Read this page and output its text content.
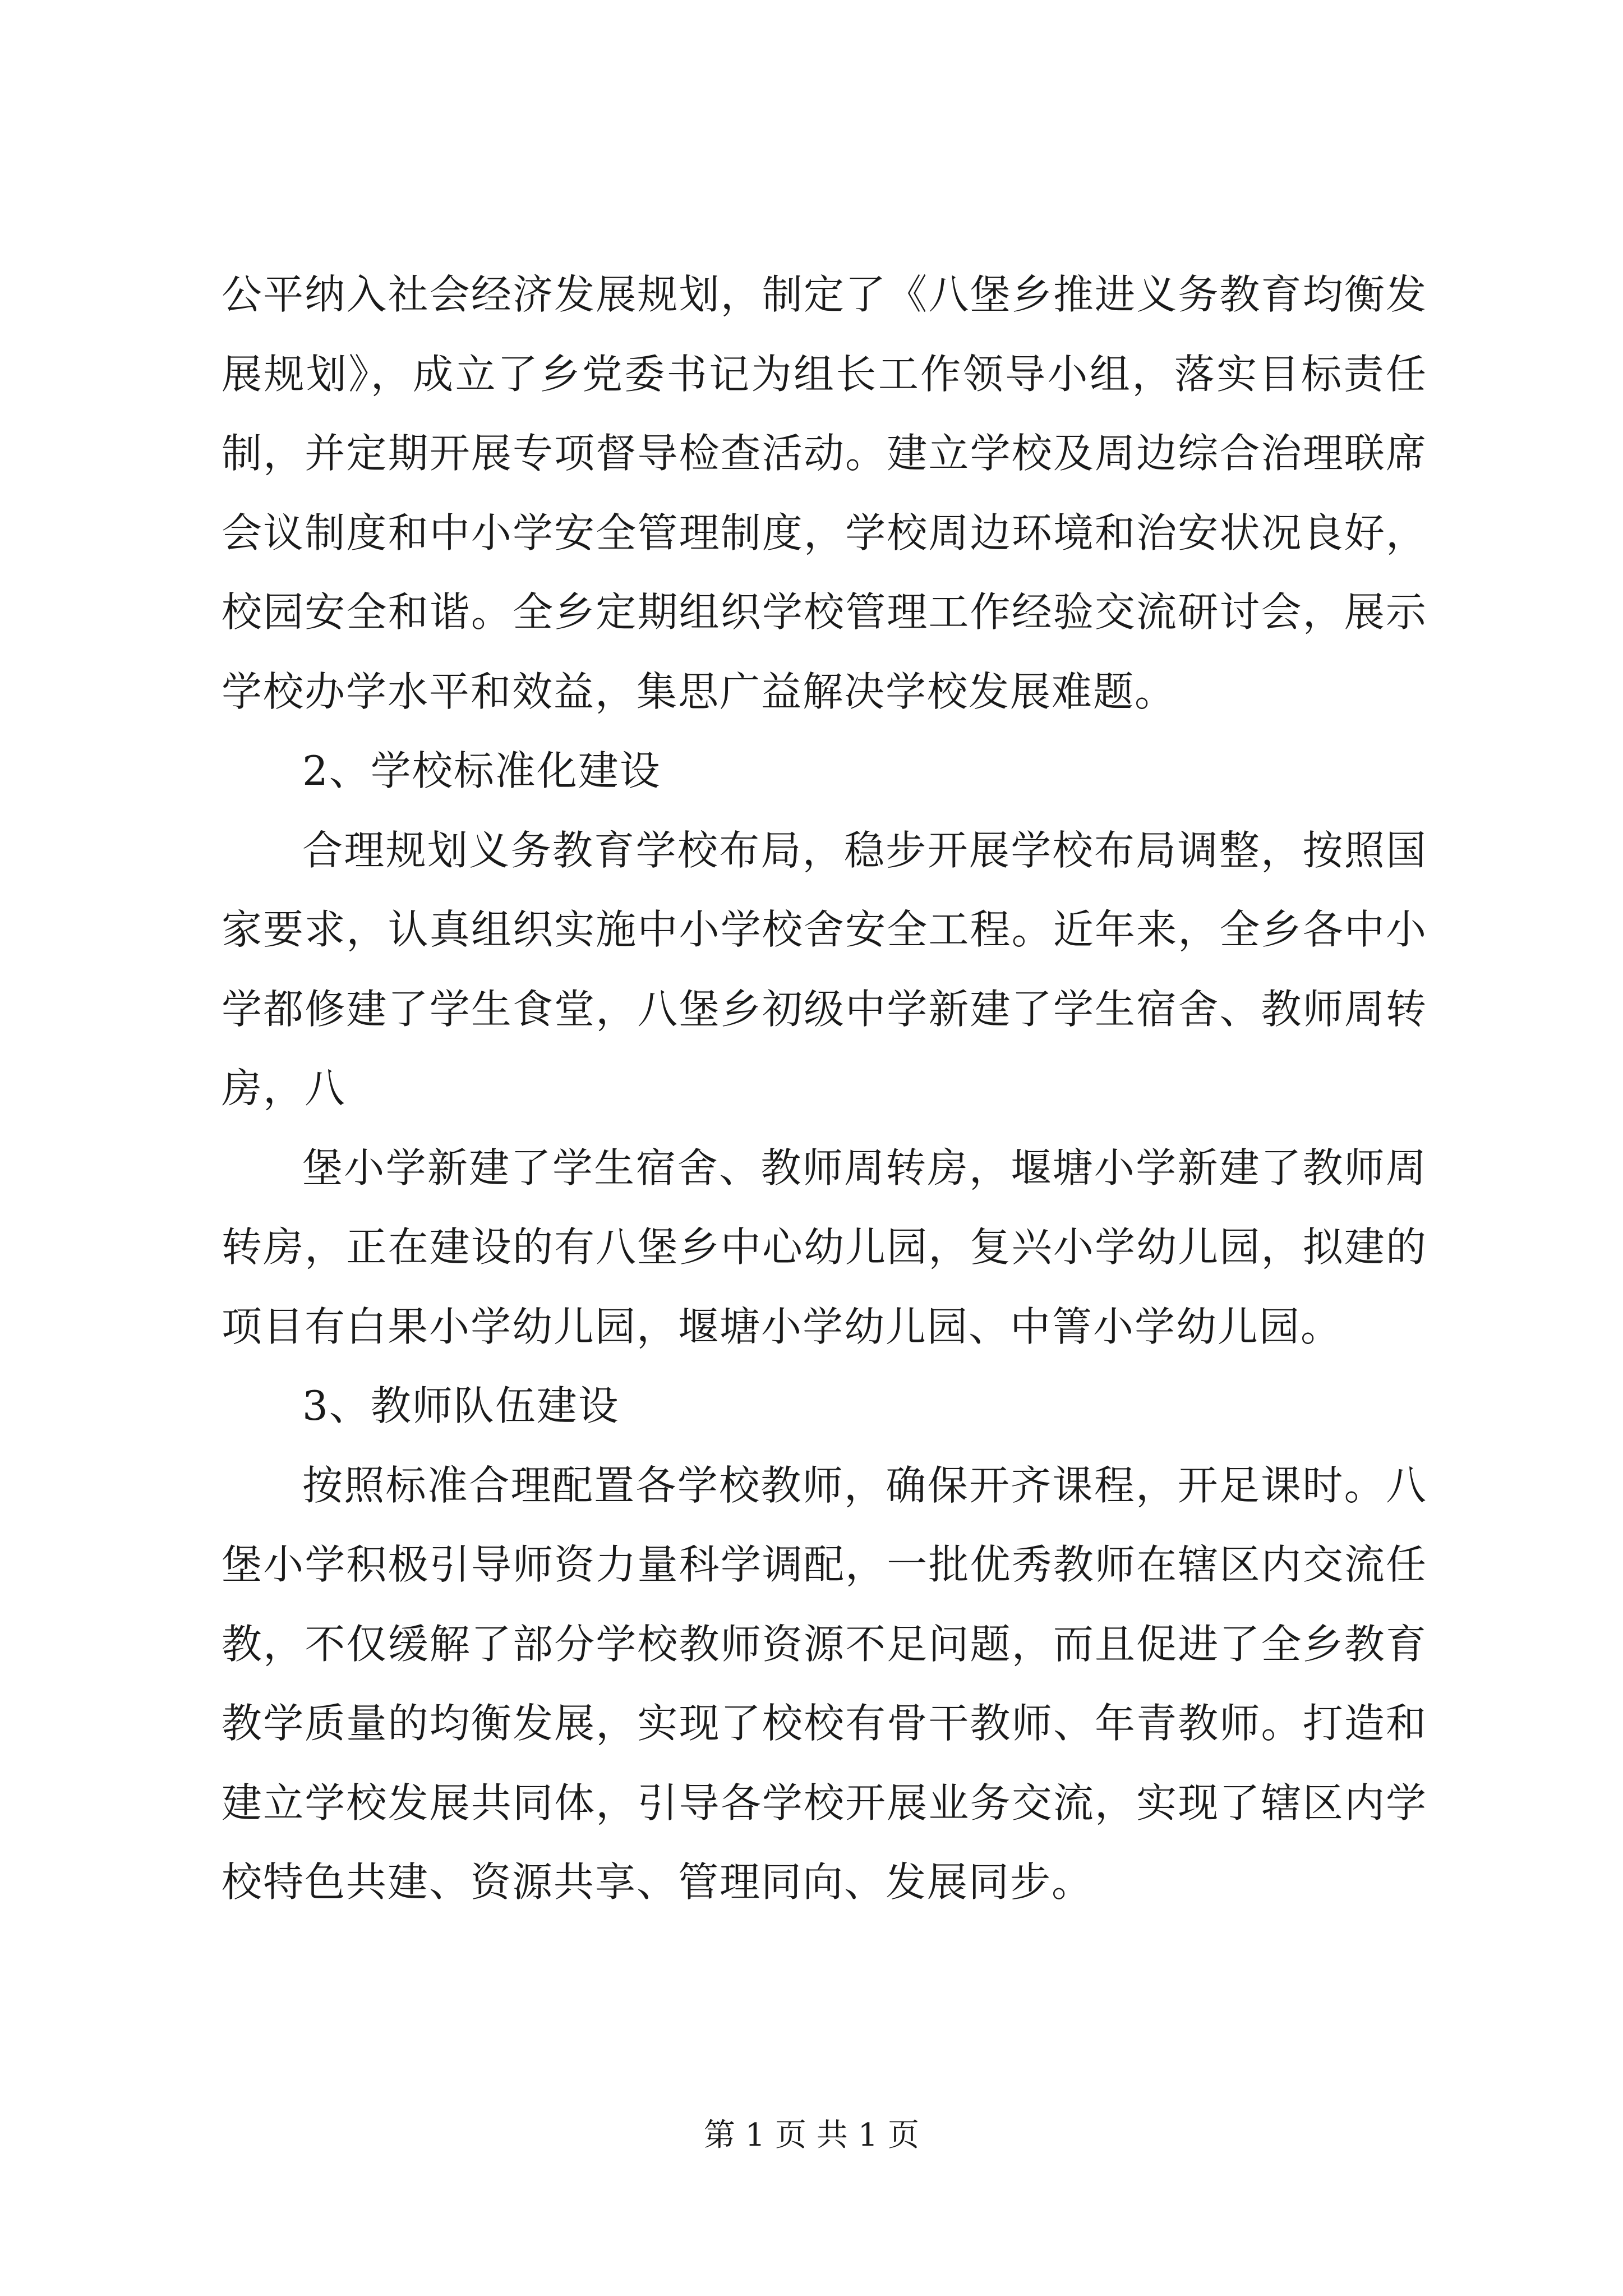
公平纳入社会经济发展规划，制定了《八堡乡推进义务教育均衡发展规划》，成立了乡党委书记为组长工作领导小组，落实目标责任制，并定期开展专项督导检查活动。建立学校及周边综合治理联席会议制度和中小学安全管理制度，学校周边环境和治安状况良好，校园安全和谐。全乡定期组织学校管理工作经验交流研讨会，展示学校办学水平和效益，集思广益解决学校发展难题。

2、学校标准化建设

合理规划义务教育学校布局，稳步开展学校布局调整，按照国家要求，认真组织实施中小学校舍安全工程。近年来，全乡各中小学都修建了学生食堂，八堡乡初级中学新建了学生宿舍、教师周转房，八

堡小学新建了学生宿舍、教师周转房，堰塘小学新建了教师周转房，正在建设的有八堡乡中心幼儿园，复兴小学幼儿园，拟建的项目有白果小学幼儿园，堰塘小学幼儿园、中箐小学幼儿园。

3、教师队伍建设

按照标准合理配置各学校教师，确保开齐课程，开足课时。八堡小学积极引导师资力量科学调配，一批优秀教师在辖区内交流任教，不仅缓解了部分学校教师资源不足问题，而且促进了全乡教育教学质量的均衡发展，实现了校校有骨干教师、年青教师。打造和建立学校发展共同体，引导各学校开展业务交流，实现了辖区内学校特色共建、资源共享、管理同向、发展同步。

第 1 页 共 1 页
